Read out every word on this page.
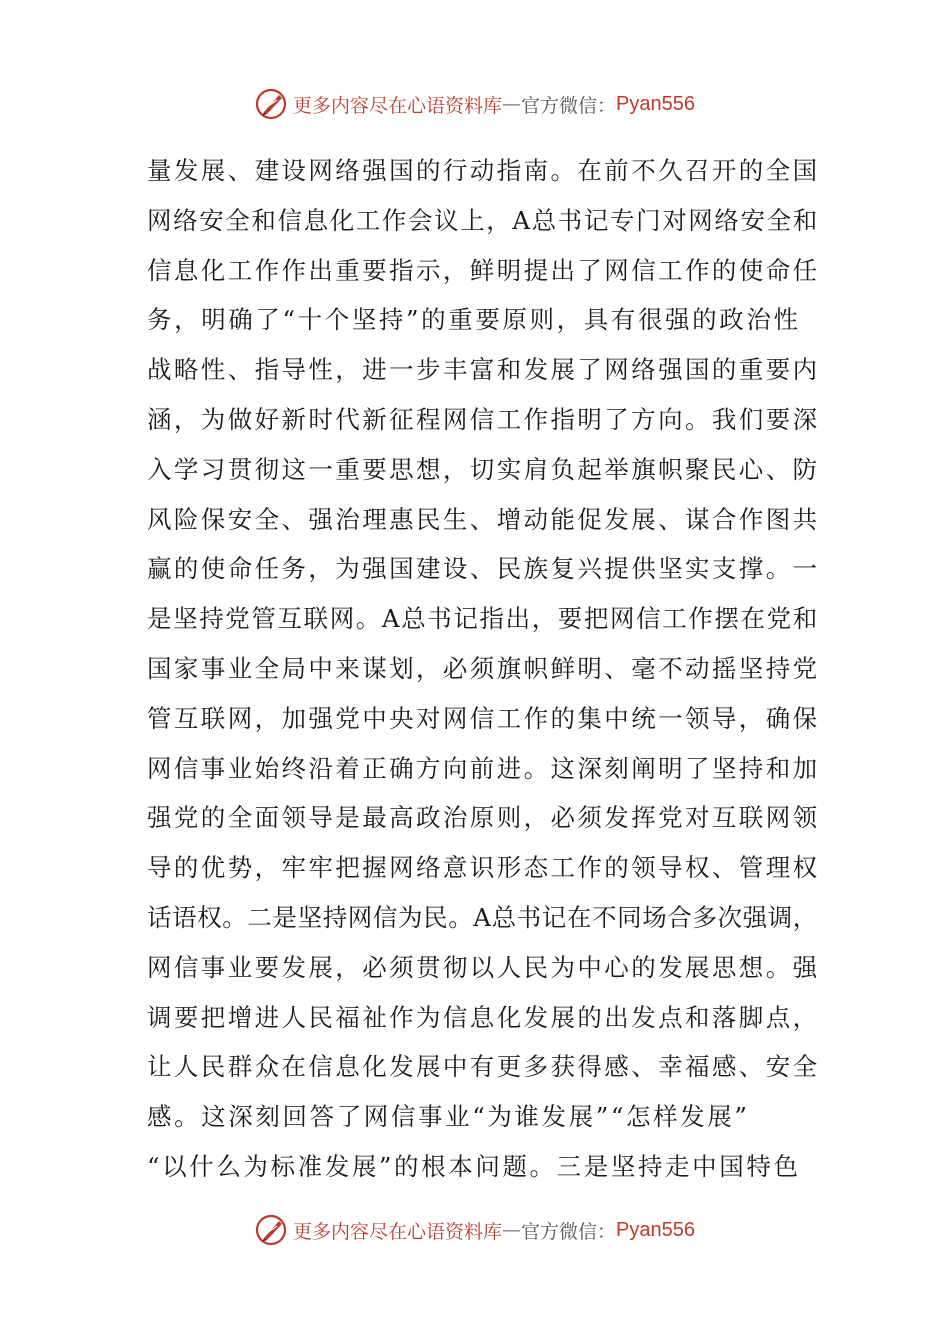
更多内容尽在心语资料库 — 官方微信： Pyan556
量发展、建设网络强国的行动指南。在前不久召开的全国
网络安全和信息化工作会议上，A总书记专门对网络安全和
信息化工作作出重要指示，鲜明提出了网信工作的使命任
务，明确了“十个坚持”的重要原则，具有很强的政治性
战略性、指导性，进一步丰富和发展了网络强国的重要内
涵，为做好新时代新征程网信工作指明了方向。我们要深
入学习贯彻这一重要思想，切实肩负起举旗帜聚民心、防
风险保安全、强治理惠民生、增动能促发展、谋合作图共
赢的使命任务，为强国建设、民族复兴提供坚实支撑。一
是坚持党管互联网。A总书记指出，要把网信工作摆在党和
国家事业全局中来谋划，必须旗帜鲜明、毫不动摇坚持党
管互联网，加强党中央对网信工作的集中统一领导，确保
网信事业始终沿着正确方向前进。这深刻阐明了坚持和加
强党的全面领导是最高政治原则，必须发挥党对互联网领
导的优势，牢牢把握网络意识形态工作的领导权、管理权
话语权。二是坚持网信为民。A总书记在不同场合多次强调，
网信事业要发展，必须贯彻以人民为中心的发展思想。强
调要把增进人民福祉作为信息化发展的出发点和落脚点，
让人民群众在信息化发展中有更多获得感、幸福感、安全
感。这深刻回答了网信事业“为谁发展”“怎样发展”
“以什么为标准发展”的根本问题。三是坚持走中国特色
更多内容尽在心语资料库 — 官方微信： Pyan556
